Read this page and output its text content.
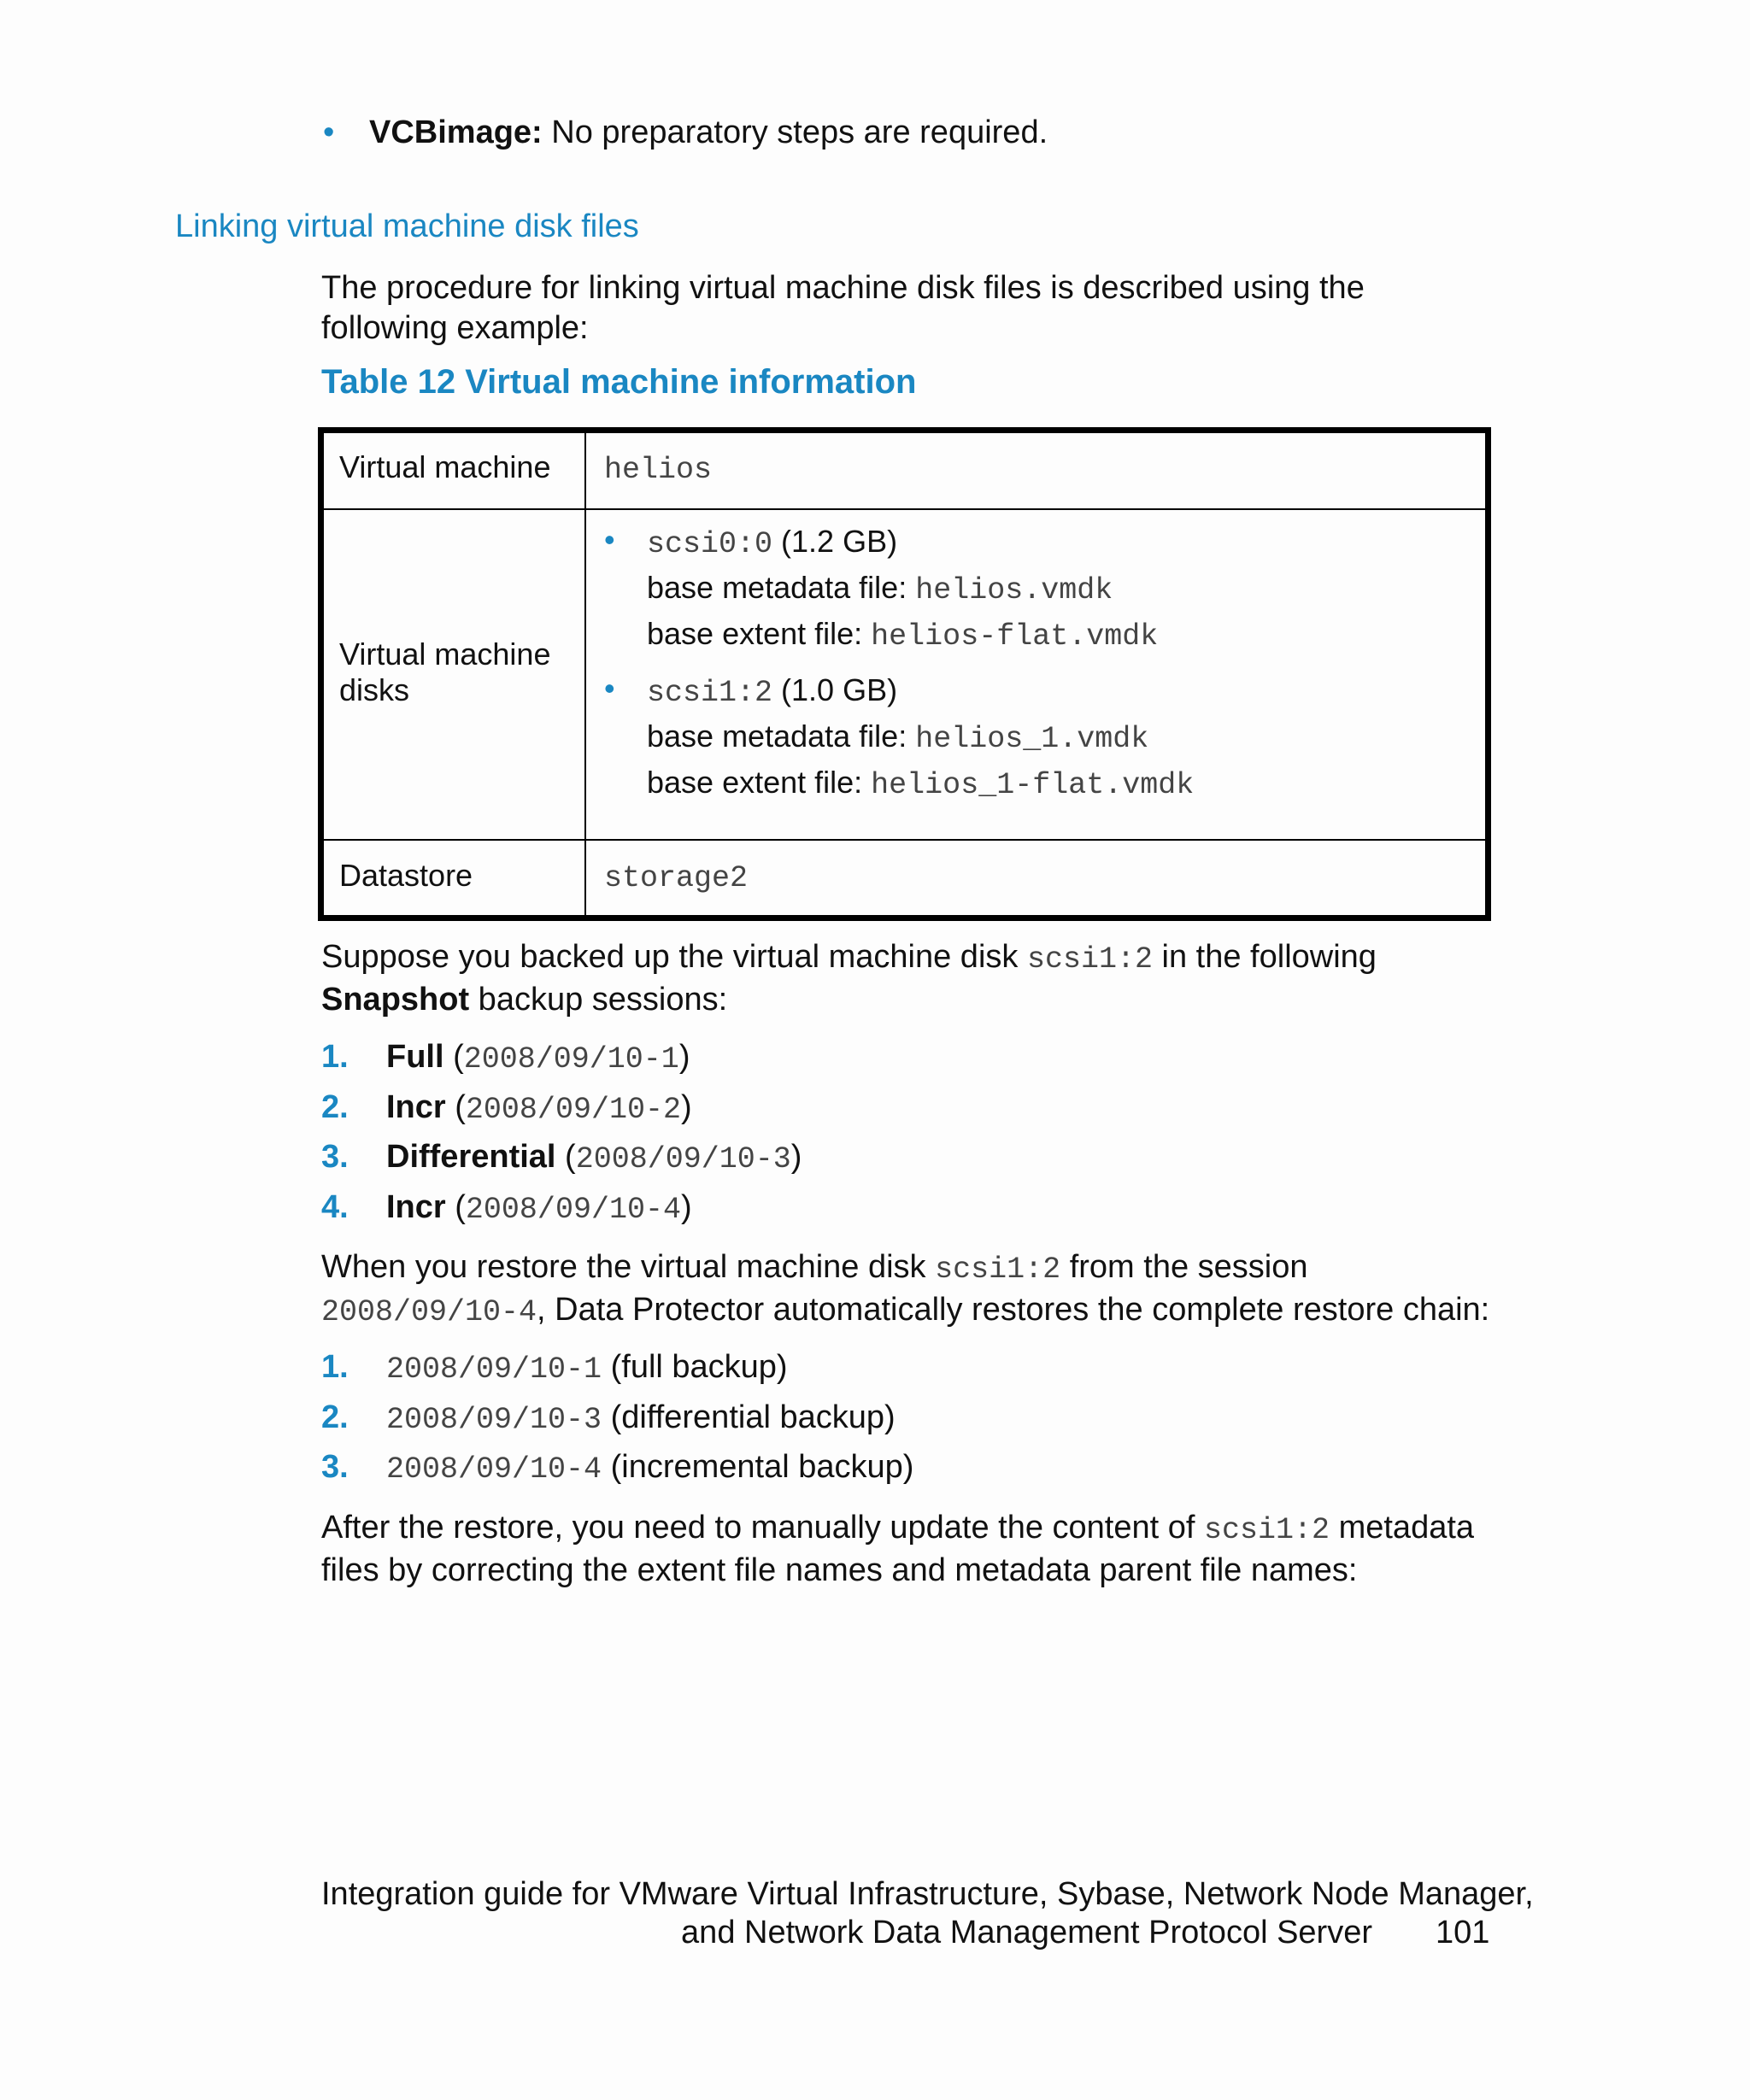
• VCBimage: No preparatory steps are required.
Linking virtual machine disk files
The procedure for linking virtual machine disk files is described using the following example:
Table 12 Virtual machine information
Virtual machine helios
Virtual machine disks
• scsi0:0 (1.2 GB)
base metadata file: helios.vmdk
base extent file: helios-flat.vmdk
• scsi1:2 (1.0 GB)
base metadata file: helios_1.vmdk
base extent file: helios_1-flat.vmdk
Datastore	storage2
Suppose you backed up the virtual machine disk scsi1:2 in the following Snapshot backup sessions:
1. Full (2008/09/10-1)
2. Incr (2008/09/10-2)
3. Differential (2008/09/10-3)
4. Incr (2008/09/10-4)
When you restore the virtual machine disk scsi1:2 from the session 2008/09/10-4, Data Protector automatically restores the complete restore chain:
1. 2008/09/10-1 (full backup)
2. 2008/09/10-3 (differential backup)
3. 2008/09/10-4 (incremental backup)
After the restore, you need to manually update the content of scsi1:2 metadata files by correcting the extent file names and metadata parent file names:
Integration guide for VMware Virtual Infrastructure, Sybase, Network Node Manager,
and Network Data Management Protocol Server 101
